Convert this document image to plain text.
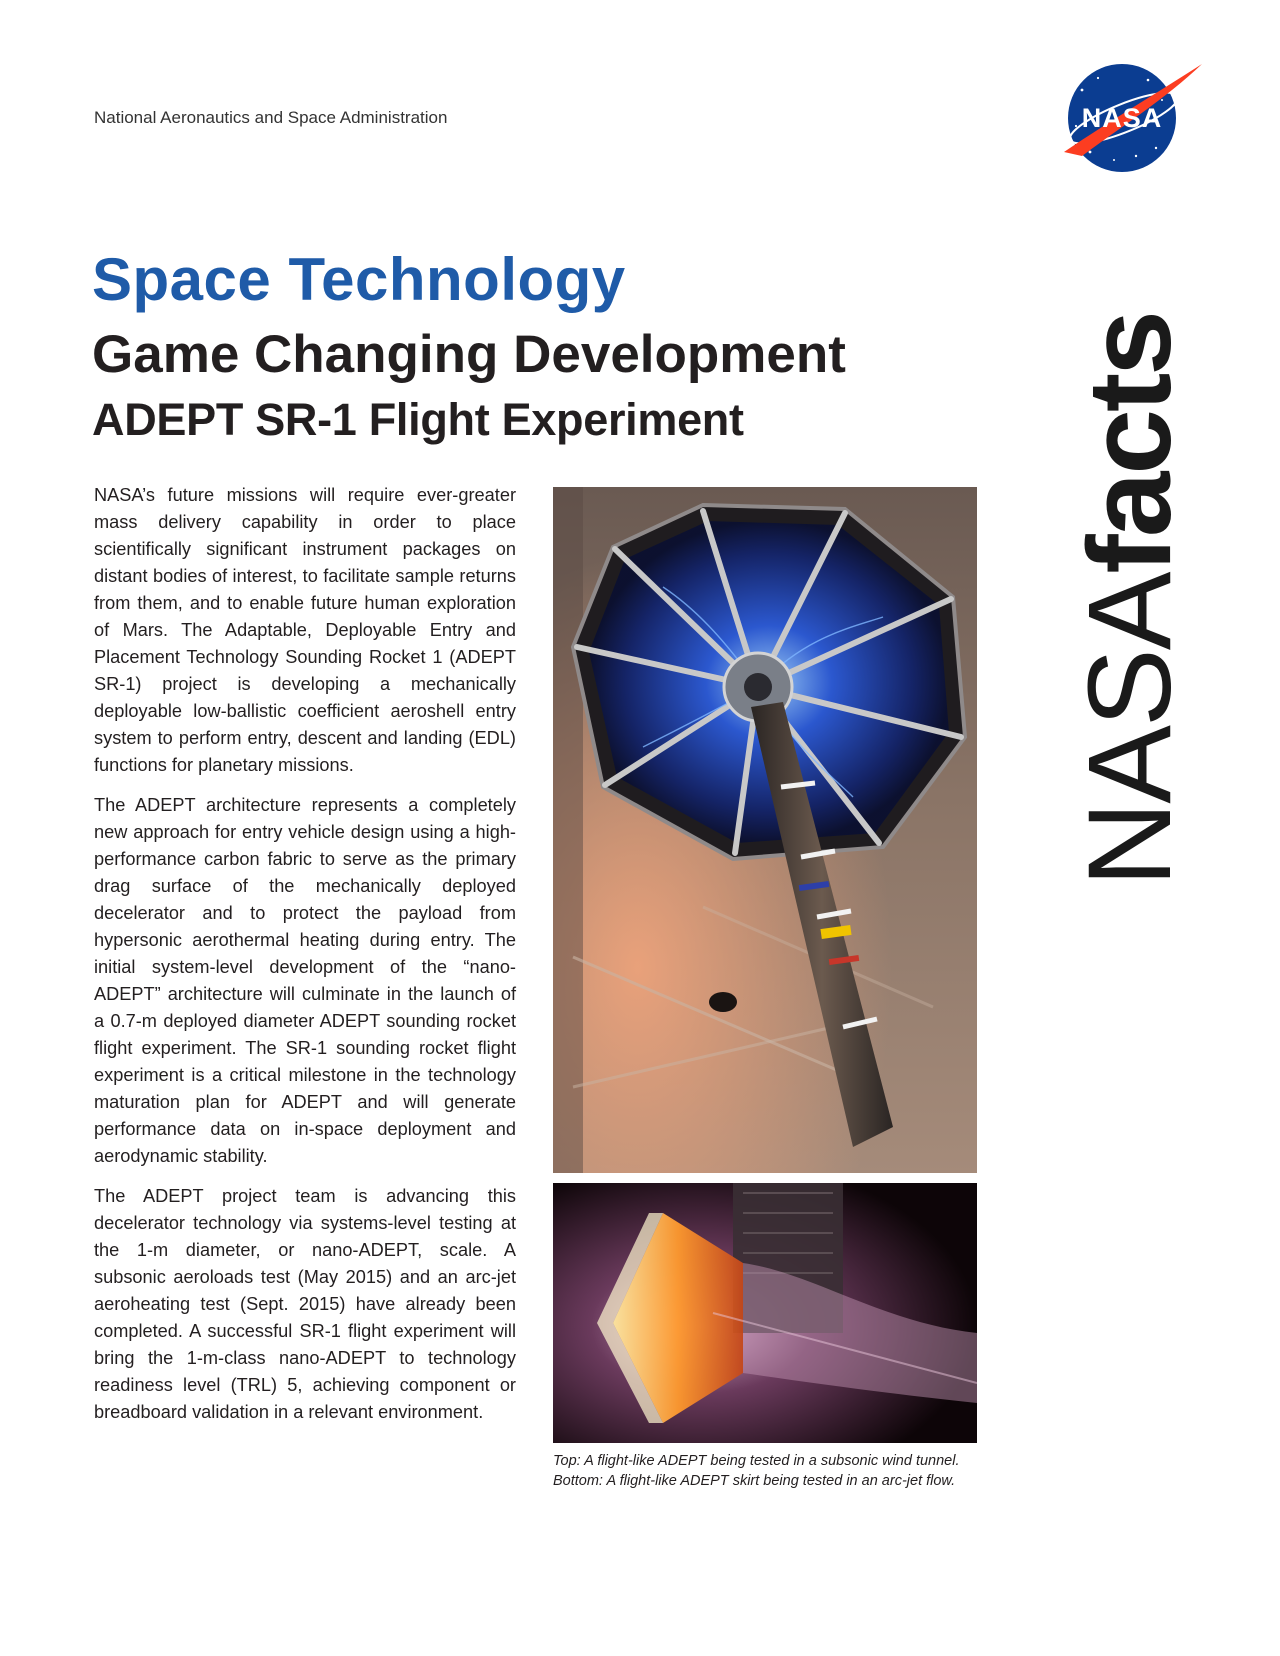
National Aeronautics and Space Administration	NASA
Space Technology
Game Changing Development
ADEPT SR-1 Flight Experiment
NASAfacts

NASA’s future missions will require ever-greater mass delivery capability in order to place scientifically significant instrument packages on distant bodies of interest, to facilitate sample returns from them, and to enable future human exploration of Mars. The Adaptable, Deployable Entry and Placement Technology Sounding Rocket 1 (ADEPT SR-1) project is developing a mechanically deployable low-ballistic coefficient aeroshell entry system to perform entry, descent and landing (EDL) functions for planetary missions.

The ADEPT architecture represents a completely new approach for entry vehicle design using a high-performance carbon fabric to serve as the primary drag surface of the mechanically deployed decelerator and to protect the payload from hypersonic aerothermal heating during entry. The initial system-level development of the “nano-ADEPT” architecture will culminate in the launch of a 0.7-m deployed diameter ADEPT sounding rocket flight experiment. The SR-1 sounding rocket flight experiment is a critical milestone in the technology maturation plan for ADEPT and will generate performance data on in-space deployment and aerodynamic stability.

The ADEPT project team is advancing this decelerator technology via systems-level testing at the 1-m diameter, or nano-ADEPT, scale. A subsonic aeroloads test (May 2015) and an arc-jet aeroheating test (Sept. 2015) have already been completed. A successful SR-1 flight experiment will bring the 1-m-class nano-ADEPT to technology readiness level (TRL) 5, achieving component or breadboard validation in a relevant environment.

Top: A flight-like ADEPT being tested in a subsonic wind tunnel. Bottom: A flight-like ADEPT skirt being tested in an arc-jet flow.
